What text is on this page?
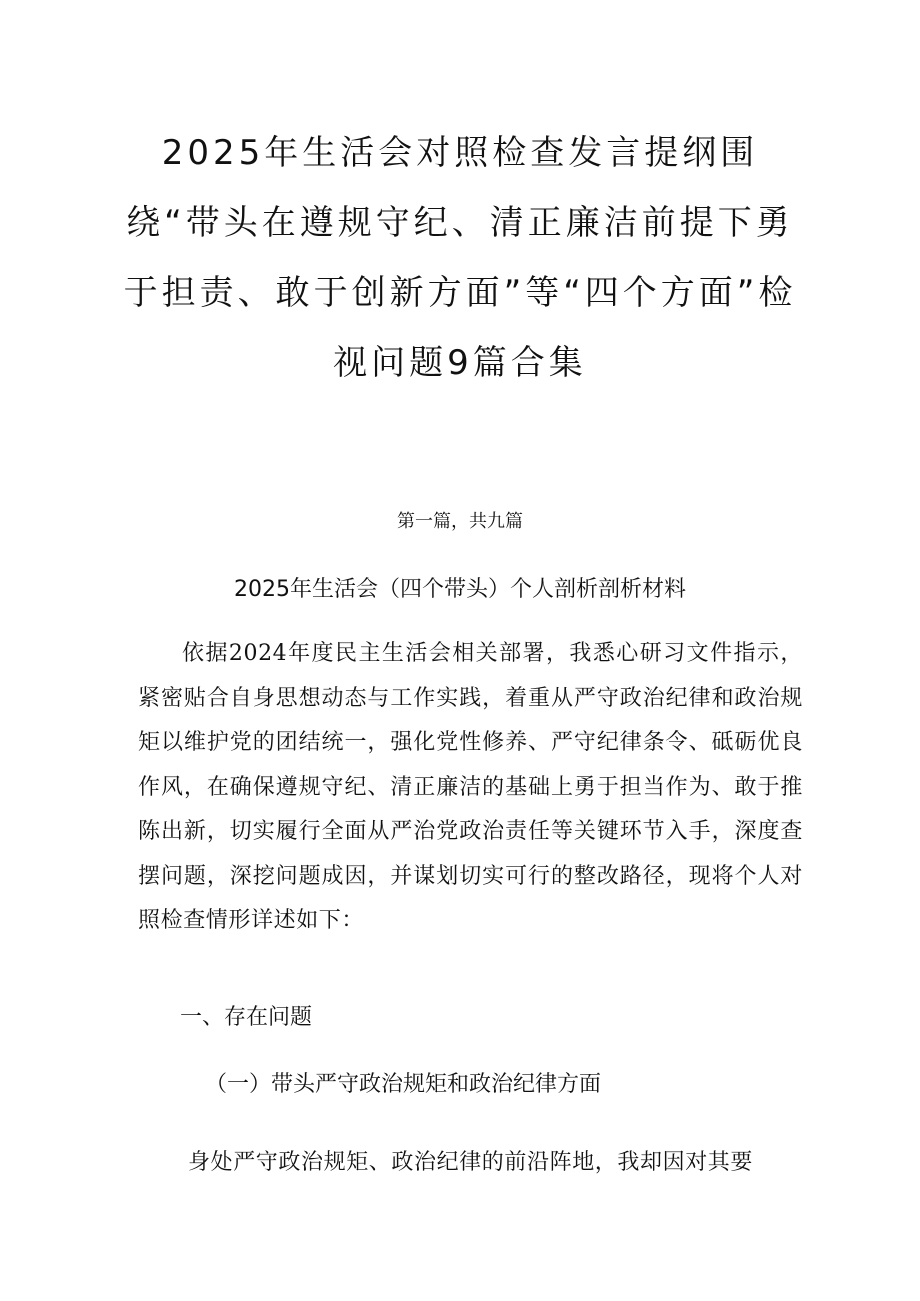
2025年生活会对照检查发言提纲围绕“带头在遵规守纪、清正廉洁前提下勇于担责、敢于创新方面”等“四个方面”检视问题9篇合集
第一篇，共九篇
2025年生活会（四个带头）个人剖析剖析材料

依据2024年度民主生活会相关部署，我悉心研习文件指示，紧密贴合自身思想动态与工作实践，着重从严守政治纪律和政治规矩以维护党的团结统一，强化党性修养、严守纪律条令、砥砺优良作风，在确保遵规守纪、清正廉洁的基础上勇于担当作为、敢于推陈出新，切实履行全面从严治党政治责任等关键环节入手，深度查摆问题，深挖问题成因，并谋划切实可行的整改路径，现将个人对照检查情形详述如下：

一、存在问题
（一）带头严守政治规矩和政治纪律方面

身处严守政治规矩、政治纪律的前沿阵地，我却因对其要
